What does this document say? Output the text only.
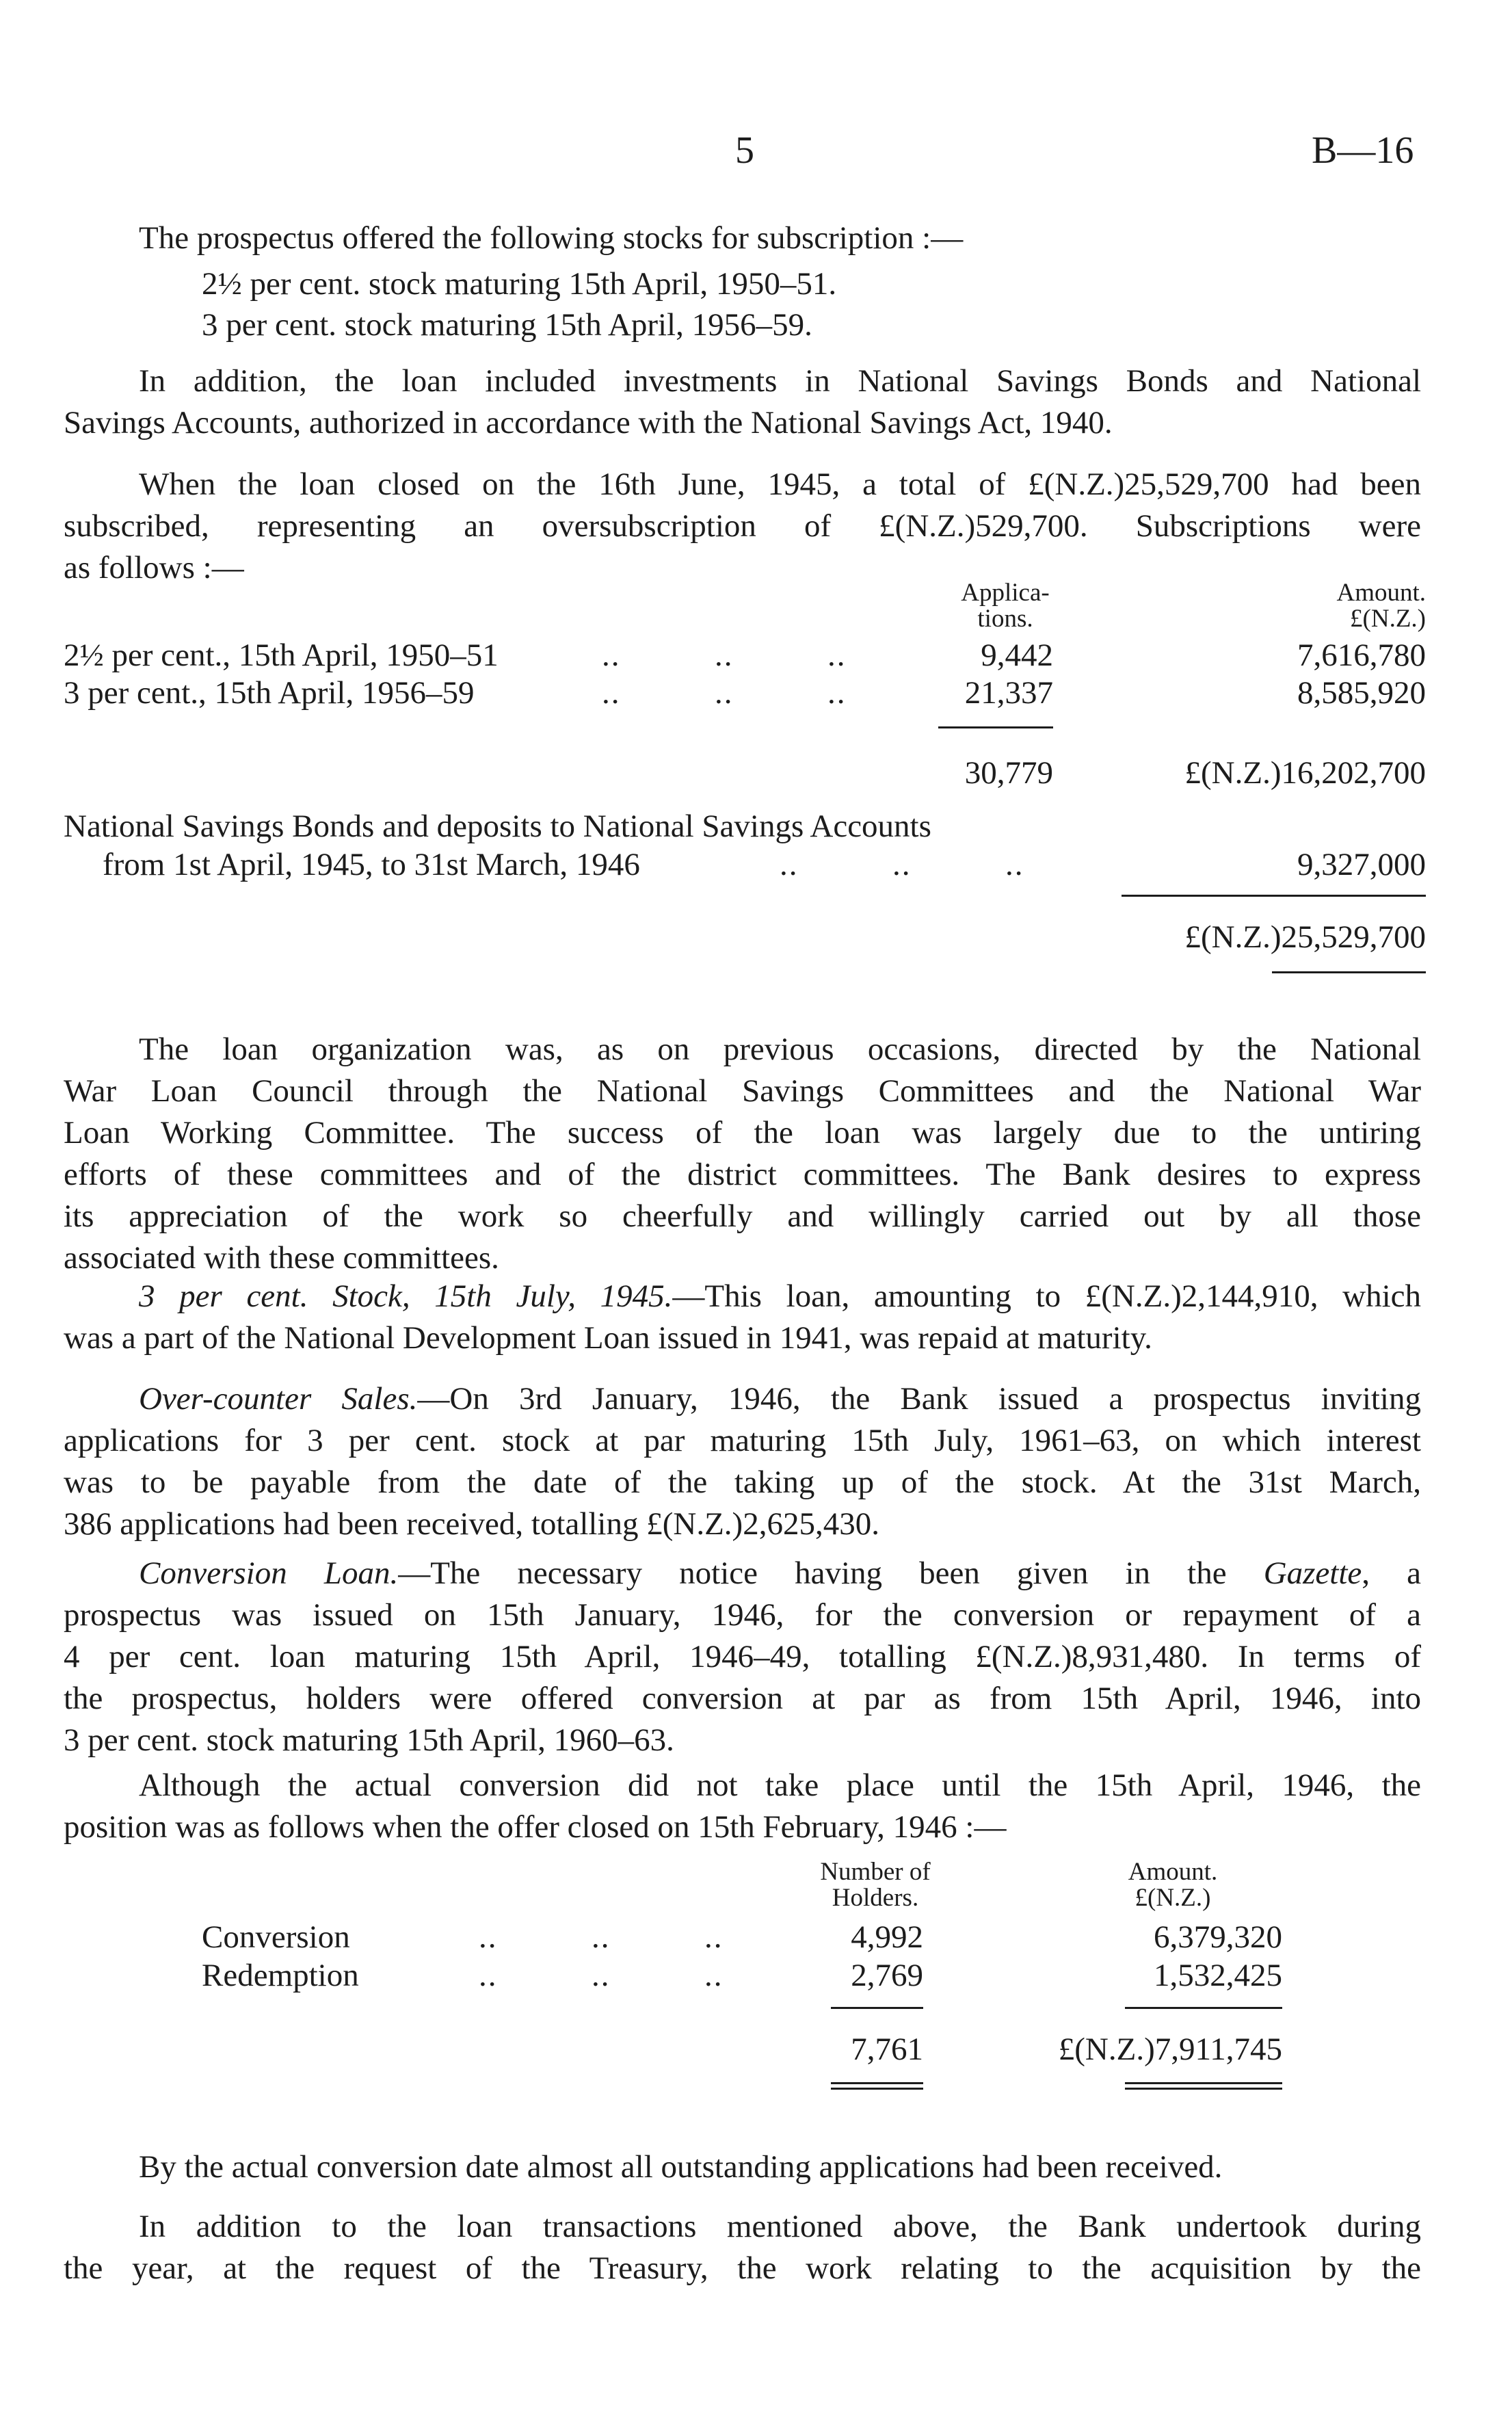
5	B—16
The prospectus offered the following stocks for subscription :—
2½ per cent. stock maturing 15th April, 1950–51.
3 per cent. stock maturing 15th April, 1956–59.
In addition, the loan included investments in National Savings Bonds and National
Savings Accounts, authorized in accordance with the National Savings Act, 1940.
When the loan closed on the 16th June, 1945, a total of £(N.Z.)25,529,700 had been
subscribed, representing an oversubscription of £(N.Z.)529,700. Subscriptions were
as follows :—
Applica-
tions.
Amount.
£(N.Z.)
2½ per cent., 15th April, 1950–51	..          ..          ..	9,442	7,616,780
3 per cent., 15th April, 1956–59	..          ..          ..	21,337	8,585,920
30,779	£(N.Z.)16,202,700
National Savings Bonds and deposits to National Savings Accounts
from 1st April, 1945, to 31st March, 1946	..          ..          ..	9,327,000
£(N.Z.)25,529,700
The loan organization was, as on previous occasions, directed by the National
War Loan Council through the National Savings Committees and the National War
Loan Working Committee. The success of the loan was largely due to the untiring
efforts of these committees and of the district committees. The Bank desires to express
its appreciation of the work so cheerfully and willingly carried out by all those
associated with these committees.
3 per cent. Stock, 15th July, 1945.—This loan, amounting to £(N.Z.)2,144,910, which
was a part of the National Development Loan issued in 1941, was repaid at maturity.
Over-counter Sales.—On 3rd January, 1946, the Bank issued a prospectus inviting
applications for 3 per cent. stock at par maturing 15th July, 1961–63, on which interest
was to be payable from the date of the taking up of the stock. At the 31st March,
386 applications had been received, totalling £(N.Z.)2,625,430.
Conversion Loan.—The necessary notice having been given in the Gazette, a
prospectus was issued on 15th January, 1946, for the conversion or repayment of a
4 per cent. loan maturing 15th April, 1946–49, totalling £(N.Z.)8,931,480. In terms of
the prospectus, holders were offered conversion at par as from 15th April, 1946, into
3 per cent. stock maturing 15th April, 1960–63.
Although the actual conversion did not take place until the 15th April, 1946, the
position was as follows when the offer closed on 15th February, 1946 :—
Number of
Holders.
Amount.
£(N.Z.)
Conversion	..          ..          ..	4,992	6,379,320
Redemption	..          ..          ..	2,769	1,532,425
7,761	£(N.Z.)7,911,745
By the actual conversion date almost all outstanding applications had been received.
In addition to the loan transactions mentioned above, the Bank undertook during
the year, at the request of the Treasury, the work relating to the acquisition by the
